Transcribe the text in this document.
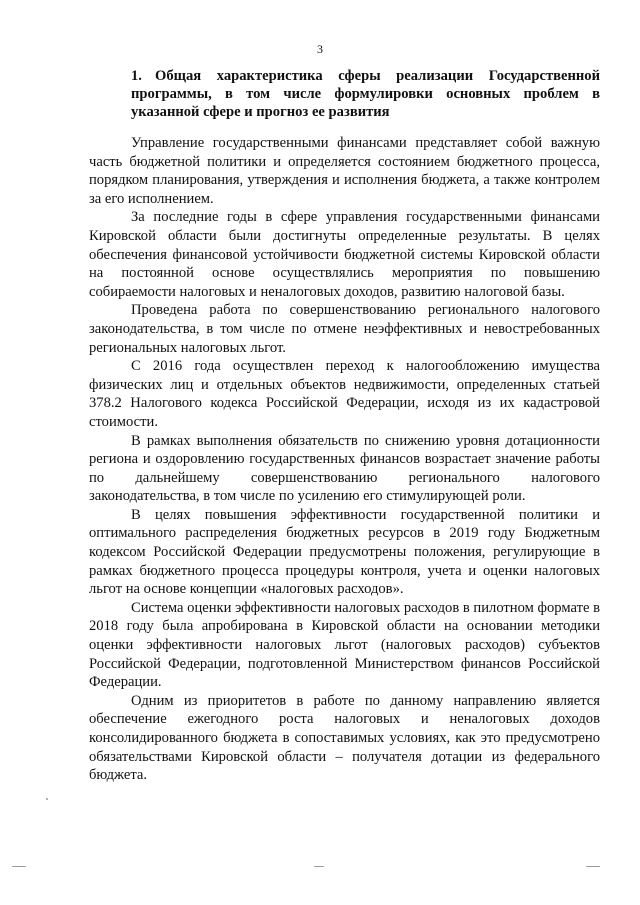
3
1. Общая характеристика сферы реализации Государственной программы, в том числе формулировки основных проблем в указанной сфере и прогноз ее развития

Управление государственными финансами представляет собой важную часть бюджетной политики и определяется состоянием бюджетного процесса, порядком планирования, утверждения и исполнения бюджета, а также контролем за его исполнением.

За последние годы в сфере управления государственными финансами Кировской области были достигнуты определенные результаты. В целях обеспечения финансовой устойчивости бюджетной системы Кировской области на постоянной основе осуществлялись мероприятия по повышению собираемости налоговых и неналоговых доходов, развитию налоговой базы.

Проведена работа по совершенствованию регионального налогового законодательства, в том числе по отмене неэффективных и невостребованных региональных налоговых льгот.

С 2016 года осуществлен переход к налогообложению имущества физических лиц и отдельных объектов недвижимости, определенных статьей 378.2 Налогового кодекса Российской Федерации, исходя из их кадастровой стоимости.

В рамках выполнения обязательств по снижению уровня дотационности региона и оздоровлению государственных финансов возрастает значение работы по дальнейшему совершенствованию регионального налогового законодательства, в том числе по усилению его стимулирующей роли.

В целях повышения эффективности государственной политики и оптимального распределения бюджетных ресурсов в 2019 году Бюджетным кодексом Российской Федерации предусмотрены положения, регулирующие в рамках бюджетного процесса процедуры контроля, учета и оценки налоговых льгот на основе концепции «налоговых расходов».

Система оценки эффективности налоговых расходов в пилотном формате в 2018 году была апробирована в Кировской области на основании методики оценки эффективности налоговых льгот (налоговых расходов) субъектов Российской Федерации, подготовленной Министерством финансов Российской Федерации.

Одним из приоритетов в работе по данному направлению является обеспечение ежегодного роста налоговых и неналоговых доходов консолидированного бюджета в сопоставимых условиях, как это предусмотрено обязательствами Кировской области – получателя дотации из федерального бюджета.
